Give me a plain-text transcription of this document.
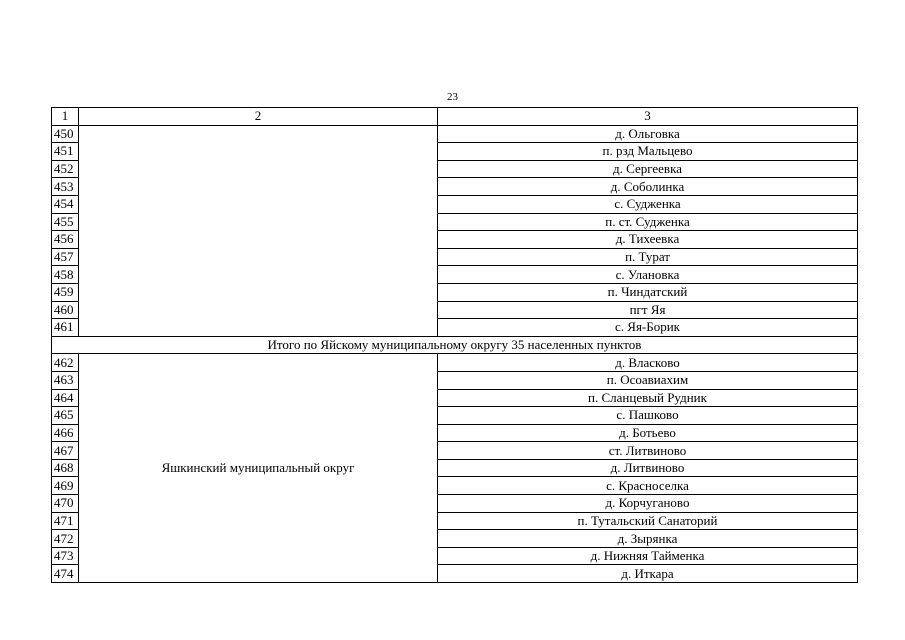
23
1	2	3
450		д. Ольговка
451		п. рзд Мальцево
452		д. Сергеевка
453		д. Соболинка
454		с. Судженка
455		п. ст. Судженка
456		д. Тихеевка
457		п. Турат
458		с. Улановка
459		п. Чиндатский
460		пгт Яя
461		с. Яя-Борик
Итого по Яйскому муниципальному округу 35 населенных пунктов		
462	Яшкинский муниципальный округ	д. Власково
463		п. Осоавиахим
464		п. Сланцевый Рудник
465		с. Пашково
466		д. Ботьево
467		ст. Литвиново
468		д. Литвиново
469		с. Красноселка
470		д. Корчуганово
471		п. Тутальский Санаторий
472		д. Зырянка
473		д. Нижняя Тайменка
474		д. Иткара
